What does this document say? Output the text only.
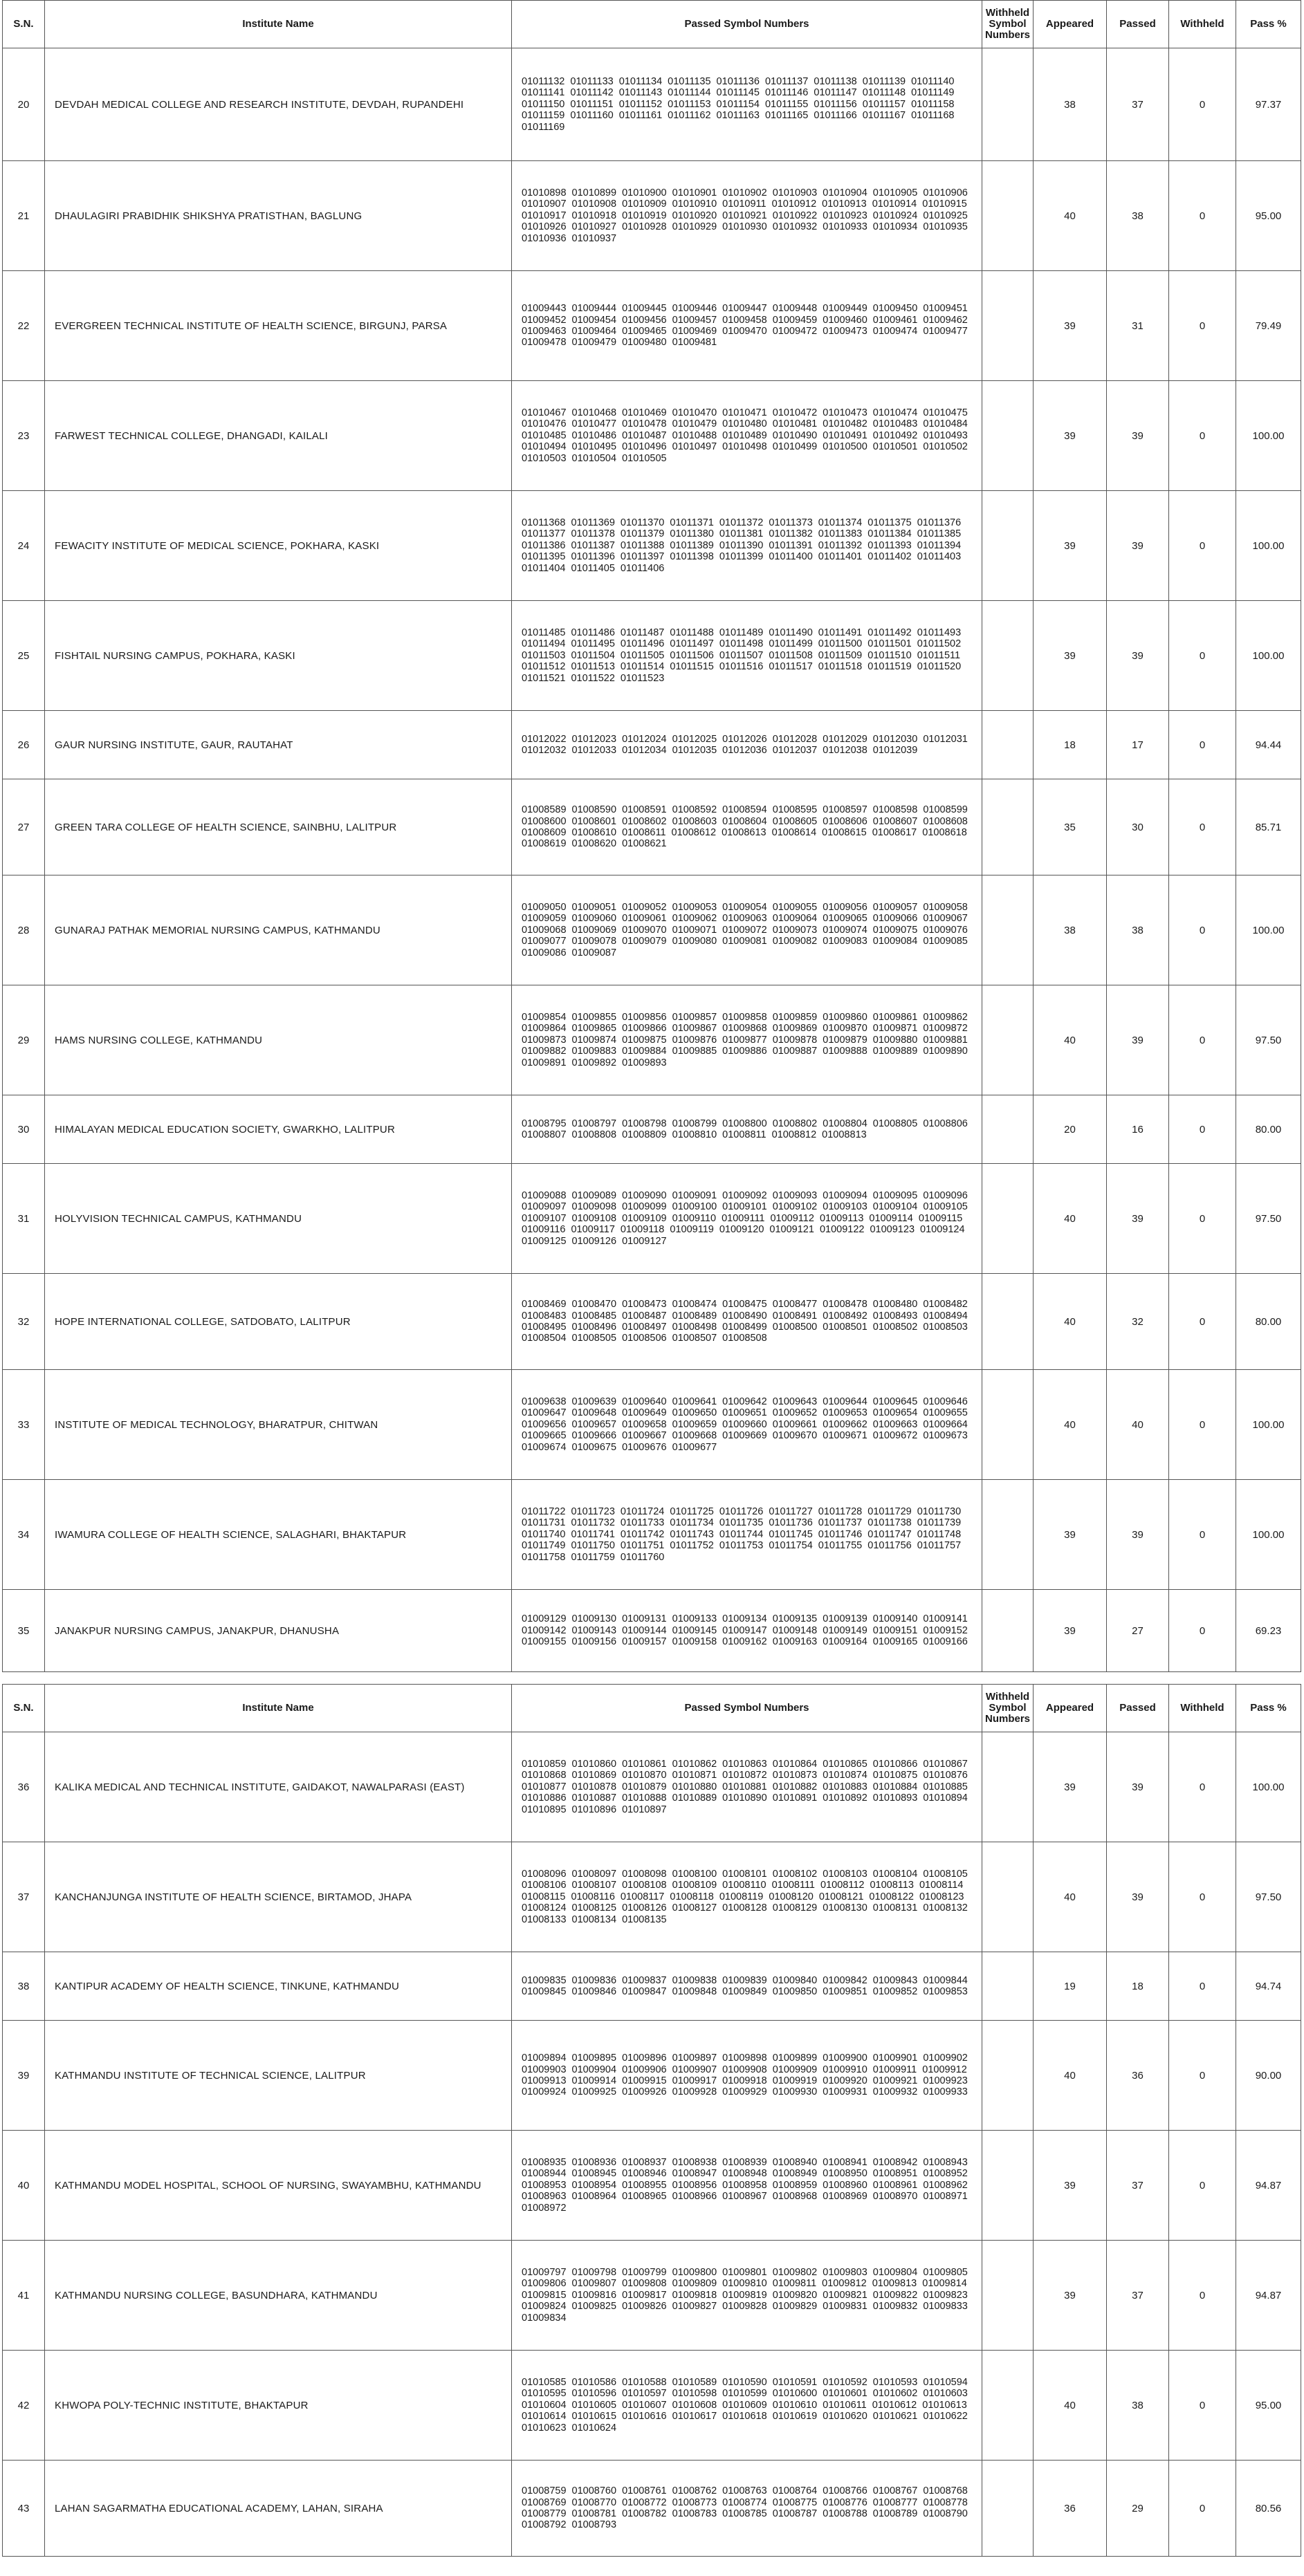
S.N.	Institute Name	Passed Symbol Numbers	Withheld Symbol Numbers	Appeared	Passed	Withheld	Pass %
20	DEVDAH MEDICAL COLLEGE AND RESEARCH INSTITUTE, DEVDAH, RUPANDEHI	01011132 01011133 01011134 01011135 01011136 01011137 01011138 01011139 01011140 01011141 01011142 01011143 01011144 01011145 01011146 01011147 01011148 01011149 01011150 01011151 01011152 01011153 01011154 01011155 01011156 01011157 01011158 01011159 01011160 01011161 01011162 01011163 01011165 01011166 01011167 01011168 01011169		38	37	0	97.37
21	DHAULAGIRI PRABIDHIK SHIKSHYA PRATISTHAN, BAGLUNG	01010898 01010899 01010900 01010901 01010902 01010903 01010904 01010905 01010906 01010907 01010908 01010909 01010910 01010911 01010912 01010913 01010914 01010915 01010917 01010918 01010919 01010920 01010921 01010922 01010923 01010924 01010925 01010926 01010927 01010928 01010929 01010930 01010932 01010933 01010934 01010935 01010936 01010937		40	38	0	95.00
22	EVERGREEN TECHNICAL INSTITUTE OF HEALTH SCIENCE, BIRGUNJ, PARSA	01009443 01009444 01009445 01009446 01009447 01009448 01009449 01009450 01009451 01009452 01009454 01009456 01009457 01009458 01009459 01009460 01009461 01009462 01009463 01009464 01009465 01009469 01009470 01009472 01009473 01009474 01009477 01009478 01009479 01009480 01009481		39	31	0	79.49
23	FARWEST TECHNICAL COLLEGE, DHANGADI, KAILALI	01010467 01010468 01010469 01010470 01010471 01010472 01010473 01010474 01010475 01010476 01010477 01010478 01010479 01010480 01010481 01010482 01010483 01010484 01010485 01010486 01010487 01010488 01010489 01010490 01010491 01010492 01010493 01010494 01010495 01010496 01010497 01010498 01010499 01010500 01010501 01010502 01010503 01010504 01010505		39	39	0	100.00
24	FEWACITY INSTITUTE OF MEDICAL SCIENCE, POKHARA, KASKI	01011368 01011369 01011370 01011371 01011372 01011373 01011374 01011375 01011376 01011377 01011378 01011379 01011380 01011381 01011382 01011383 01011384 01011385 01011386 01011387 01011388 01011389 01011390 01011391 01011392 01011393 01011394 01011395 01011396 01011397 01011398 01011399 01011400 01011401 01011402 01011403 01011404 01011405 01011406		39	39	0	100.00
25	FISHTAIL NURSING CAMPUS, POKHARA, KASKI	01011485 01011486 01011487 01011488 01011489 01011490 01011491 01011492 01011493 01011494 01011495 01011496 01011497 01011498 01011499 01011500 01011501 01011502 01011503 01011504 01011505 01011506 01011507 01011508 01011509 01011510 01011511 01011512 01011513 01011514 01011515 01011516 01011517 01011518 01011519 01011520 01011521 01011522 01011523		39	39	0	100.00
26	GAUR NURSING INSTITUTE, GAUR, RAUTAHAT	01012022 01012023 01012024 01012025 01012026 01012028 01012029 01012030 01012031 01012032 01012033 01012034 01012035 01012036 01012037 01012038 01012039		18	17	0	94.44
27	GREEN TARA COLLEGE OF HEALTH SCIENCE, SAINBHU, LALITPUR	01008589 01008590 01008591 01008592 01008594 01008595 01008597 01008598 01008599 01008600 01008601 01008602 01008603 01008604 01008605 01008606 01008607 01008608 01008609 01008610 01008611 01008612 01008613 01008614 01008615 01008617 01008618 01008619 01008620 01008621		35	30	0	85.71
28	GUNARAJ PATHAK MEMORIAL NURSING CAMPUS, KATHMANDU	01009050 01009051 01009052 01009053 01009054 01009055 01009056 01009057 01009058 01009059 01009060 01009061 01009062 01009063 01009064 01009065 01009066 01009067 01009068 01009069 01009070 01009071 01009072 01009073 01009074 01009075 01009076 01009077 01009078 01009079 01009080 01009081 01009082 01009083 01009084 01009085 01009086 01009087		38	38	0	100.00
29	HAMS NURSING COLLEGE, KATHMANDU	01009854 01009855 01009856 01009857 01009858 01009859 01009860 01009861 01009862 01009864 01009865 01009866 01009867 01009868 01009869 01009870 01009871 01009872 01009873 01009874 01009875 01009876 01009877 01009878 01009879 01009880 01009881 01009882 01009883 01009884 01009885 01009886 01009887 01009888 01009889 01009890 01009891 01009892 01009893		40	39	0	97.50
30	HIMALAYAN MEDICAL EDUCATION SOCIETY, GWARKHO, LALITPUR	01008795 01008797 01008798 01008799 01008800 01008802 01008804 01008805 01008806 01008807 01008808 01008809 01008810 01008811 01008812 01008813		20	16	0	80.00
31	HOLYVISION TECHNICAL CAMPUS, KATHMANDU	01009088 01009089 01009090 01009091 01009092 01009093 01009094 01009095 01009096 01009097 01009098 01009099 01009100 01009101 01009102 01009103 01009104 01009105 01009107 01009108 01009109 01009110 01009111 01009112 01009113 01009114 01009115 01009116 01009117 01009118 01009119 01009120 01009121 01009122 01009123 01009124 01009125 01009126 01009127		40	39	0	97.50
32	HOPE INTERNATIONAL COLLEGE, SATDOBATO, LALITPUR	01008469 01008470 01008473 01008474 01008475 01008477 01008478 01008480 01008482 01008483 01008485 01008487 01008489 01008490 01008491 01008492 01008493 01008494 01008495 01008496 01008497 01008498 01008499 01008500 01008501 01008502 01008503 01008504 01008505 01008506 01008507 01008508		40	32	0	80.00
33	INSTITUTE OF MEDICAL TECHNOLOGY, BHARATPUR, CHITWAN	01009638 01009639 01009640 01009641 01009642 01009643 01009644 01009645 01009646 01009647 01009648 01009649 01009650 01009651 01009652 01009653 01009654 01009655 01009656 01009657 01009658 01009659 01009660 01009661 01009662 01009663 01009664 01009665 01009666 01009667 01009668 01009669 01009670 01009671 01009672 01009673 01009674 01009675 01009676 01009677		40	40	0	100.00
34	IWAMURA COLLEGE OF HEALTH SCIENCE, SALAGHARI, BHAKTAPUR	01011722 01011723 01011724 01011725 01011726 01011727 01011728 01011729 01011730 01011731 01011732 01011733 01011734 01011735 01011736 01011737 01011738 01011739 01011740 01011741 01011742 01011743 01011744 01011745 01011746 01011747 01011748 01011749 01011750 01011751 01011752 01011753 01011754 01011755 01011756 01011757 01011758 01011759 01011760		39	39	0	100.00
35	JANAKPUR NURSING CAMPUS, JANAKPUR, DHANUSHA	01009129 01009130 01009131 01009133 01009134 01009135 01009139 01009140 01009141 01009142 01009143 01009144 01009145 01009147 01009148 01009149 01009151 01009152 01009155 01009156 01009157 01009158 01009162 01009163 01009164 01009165 01009166		39	27	0	69.23
S.N.	Institute Name	Passed Symbol Numbers	Withheld Symbol Numbers	Appeared	Passed	Withheld	Pass %
36	KALIKA MEDICAL AND TECHNICAL INSTITUTE, GAIDAKOT, NAWALPARASI (EAST)	01010859 01010860 01010861 01010862 01010863 01010864 01010865 01010866 01010867 01010868 01010869 01010870 01010871 01010872 01010873 01010874 01010875 01010876 01010877 01010878 01010879 01010880 01010881 01010882 01010883 01010884 01010885 01010886 01010887 01010888 01010889 01010890 01010891 01010892 01010893 01010894 01010895 01010896 01010897		39	39	0	100.00
37	KANCHANJUNGA INSTITUTE OF HEALTH SCIENCE, BIRTAMOD, JHAPA	01008096 01008097 01008098 01008100 01008101 01008102 01008103 01008104 01008105 01008106 01008107 01008108 01008109 01008110 01008111 01008112 01008113 01008114 01008115 01008116 01008117 01008118 01008119 01008120 01008121 01008122 01008123 01008124 01008125 01008126 01008127 01008128 01008129 01008130 01008131 01008132 01008133 01008134 01008135		40	39	0	97.50
38	KANTIPUR ACADEMY OF HEALTH SCIENCE, TINKUNE, KATHMANDU	01009835 01009836 01009837 01009838 01009839 01009840 01009842 01009843 01009844 01009845 01009846 01009847 01009848 01009849 01009850 01009851 01009852 01009853		19	18	0	94.74
39	KATHMANDU INSTITUTE OF TECHNICAL SCIENCE, LALITPUR	01009894 01009895 01009896 01009897 01009898 01009899 01009900 01009901 01009902 01009903 01009904 01009906 01009907 01009908 01009909 01009910 01009911 01009912 01009913 01009914 01009915 01009917 01009918 01009919 01009920 01009921 01009923 01009924 01009925 01009926 01009928 01009929 01009930 01009931 01009932 01009933		40	36	0	90.00
40	KATHMANDU MODEL HOSPITAL, SCHOOL OF NURSING, SWAYAMBHU, KATHMANDU	01008935 01008936 01008937 01008938 01008939 01008940 01008941 01008942 01008943 01008944 01008945 01008946 01008947 01008948 01008949 01008950 01008951 01008952 01008953 01008954 01008955 01008956 01008958 01008959 01008960 01008961 01008962 01008963 01008964 01008965 01008966 01008967 01008968 01008969 01008970 01008971 01008972		39	37	0	94.87
41	KATHMANDU NURSING COLLEGE, BASUNDHARA, KATHMANDU	01009797 01009798 01009799 01009800 01009801 01009802 01009803 01009804 01009805 01009806 01009807 01009808 01009809 01009810 01009811 01009812 01009813 01009814 01009815 01009816 01009817 01009818 01009819 01009820 01009821 01009822 01009823 01009824 01009825 01009826 01009827 01009828 01009829 01009831 01009832 01009833 01009834		39	37	0	94.87
42	KHWOPA POLY-TECHNIC INSTITUTE, BHAKTAPUR	01010585 01010586 01010588 01010589 01010590 01010591 01010592 01010593 01010594 01010595 01010596 01010597 01010598 01010599 01010600 01010601 01010602 01010603 01010604 01010605 01010607 01010608 01010609 01010610 01010611 01010612 01010613 01010614 01010615 01010616 01010617 01010618 01010619 01010620 01010621 01010622 01010623 01010624		40	38	0	95.00
43	LAHAN SAGARMATHA EDUCATIONAL ACADEMY, LAHAN, SIRAHA	01008759 01008760 01008761 01008762 01008763 01008764 01008766 01008767 01008768 01008769 01008770 01008772 01008773 01008774 01008775 01008776 01008777 01008778 01008779 01008781 01008782 01008783 01008785 01008787 01008788 01008789 01008790 01008792 01008793		36	29	0	80.56
